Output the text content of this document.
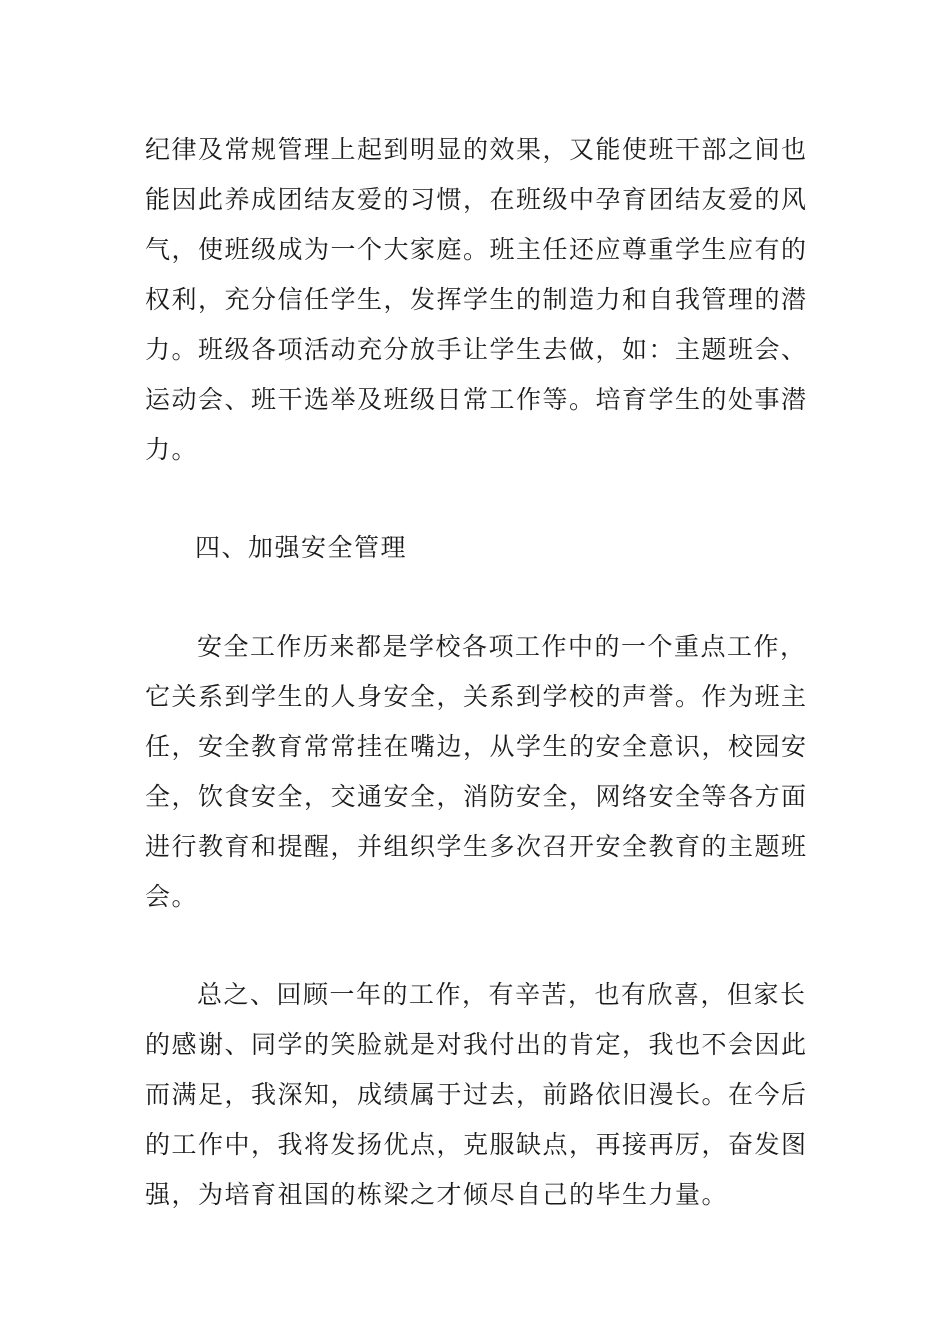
纪律及常规管理上起到明显的效果，又能使班干部之间也
能因此养成团结友爱的习惯，在班级中孕育团结友爱的风
气，使班级成为一个大家庭。班主任还应尊重学生应有的
权利，充分信任学生，发挥学生的制造力和自我管理的潜
力。班级各项活动充分放手让学生去做，如：主题班会、
运动会、班干选举及班级日常工作等。培育学生的处事潜
力。
四、加强安全管理
安全工作历来都是学校各项工作中的一个重点工作，
它关系到学生的人身安全，关系到学校的声誉。作为班主
任，安全教育常常挂在嘴边，从学生的安全意识，校园安
全，饮食安全，交通安全，消防安全，网络安全等各方面
进行教育和提醒，并组织学生多次召开安全教育的主题班
会。
总之、回顾一年的工作，有辛苦，也有欣喜，但家长
的感谢、同学的笑脸就是对我付出的肯定，我也不会因此
而满足，我深知，成绩属于过去，前路依旧漫长。在今后
的工作中，我将发扬优点，克服缺点，再接再厉，奋发图
强，为培育祖国的栋梁之才倾尽自己的毕生力量。
